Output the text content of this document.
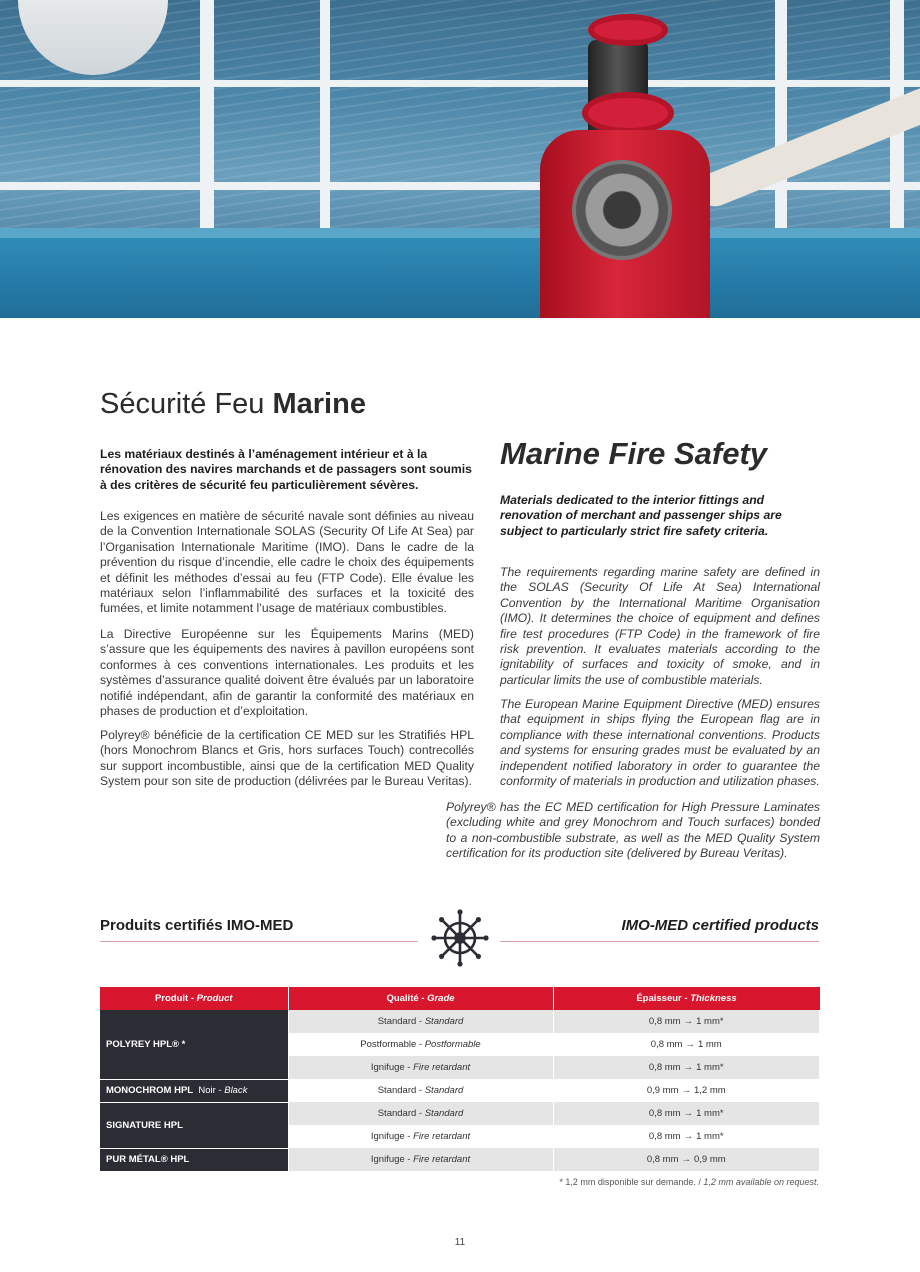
Sécurité Feu Marine
Marine Fire Safety

Les matériaux destinés à l’aménagement intérieur et à la rénovation des navires marchands et de passagers sont soumis à des critères de sécurité feu particulièrement sévères.

Les exigences en matière de sécurité navale sont définies au niveau de la Convention Internationale SOLAS (Security Of Life At Sea) par l’Organisation Internationale Maritime (IMO). Dans le cadre de la prévention du risque d’incendie, elle cadre le choix des équipements et définit les méthodes d’essai au feu (FTP Code). Elle évalue les matériaux selon l’inflammabilité des surfaces et la toxicité des fumées, et limite notamment l’usage de matériaux combustibles.

La Directive Européenne sur les Équipements Marins (MED) s’assure que les équipements des navires à pavillon européens sont conformes à ces conventions internationales. Les produits et les systèmes d’assurance qualité doivent être évalués par un laboratoire notifié indépendant, afin de garantir la conformité des matériaux en phases de production et d’exploitation.

Polyrey® bénéficie de la certification CE MED sur les Stratifiés HPL (hors Monochrom Blancs et Gris, hors surfaces Touch) contrecollés sur support incombustible, ainsi que de la certification MED Quality System pour son site de production (délivrées par le Bureau Veritas).

Materials dedicated to the interior fittings and renovation of merchant and passenger ships are subject to particularly strict fire safety criteria.

The requirements regarding marine safety are defined in the SOLAS (Security Of Life At Sea) International Convention by the International Maritime Organisation (IMO). It determines the choice of equipment and defines fire test procedures (FTP Code) in the framework of fire risk prevention. It evaluates materials according to the ignitability of surfaces and toxicity of smoke, and in particular limits the use of combustible materials.

The European Marine Equipment Directive (MED) ensures that equipment in ships flying the European flag are in compliance with these international conventions. Products and systems for ensuring grades must be evaluated by an independent notified laboratory in order to guarantee the conformity of materials in production and utilization phases.

Polyrey® has the EC MED certification for High Pressure Laminates (excluding white and grey Monochrom and Touch surfaces) bonded to a non-combustible substrate, as well as the MED Quality System certification for its production site (delivered by Bureau Veritas).

Produits certifiés IMO-MED	IMO-MED certified products
Produit - Product	Qualité - Grade	Épaisseur - Thickness
POLYREY HPL® *	Standard - Standard	0,8 mm → 1 mm*
	Postformable - Postformable	0,8 mm → 1 mm
	Ignifuge - Fire retardant	0,8 mm → 1 mm*
MONOCHROM HPL Noir - Black	Standard - Standard	0,9 mm → 1,2 mm
SIGNATURE HPL	Standard - Standard	0,8 mm → 1 mm*
	Ignifuge - Fire retardant	0,8 mm → 1 mm*
PUR MÉTAL® HPL	Ignifuge - Fire retardant	0,8 mm → 0,9 mm

* 1,2 mm disponible sur demande. / 1,2 mm available on request.

11
